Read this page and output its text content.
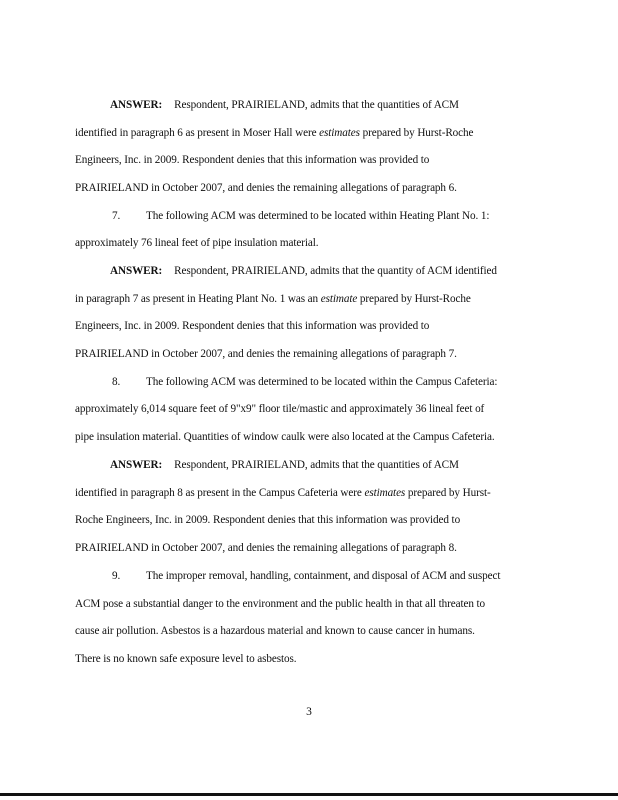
ANSWER: Respondent, PRAIRIELAND, admits that the quantities of ACM
identified in paragraph 6 as present in Moser Hall were estimates prepared by Hurst-Roche
Engineers, Inc. in 2009. Respondent denies that this information was provided to
PRAIRIELAND in October 2007, and denies the remaining allegations of paragraph 6.
7. The following ACM was determined to be located within Heating Plant No. 1:
approximately 76 lineal feet of pipe insulation material.
ANSWER: Respondent, PRAIRIELAND, admits that the quantity of ACM identified
in paragraph 7 as present in Heating Plant No. 1 was an estimate prepared by Hurst-Roche
Engineers, Inc. in 2009. Respondent denies that this information was provided to
PRAIRIELAND in October 2007, and denies the remaining allegations of paragraph 7.
8. The following ACM was determined to be located within the Campus Cafeteria:
approximately 6,014 square feet of 9"x9" floor tile/mastic and approximately 36 lineal feet of
pipe insulation material. Quantities of window caulk were also located at the Campus Cafeteria.
ANSWER: Respondent, PRAIRIELAND, admits that the quantities of ACM
identified in paragraph 8 as present in the Campus Cafeteria were estimates prepared by Hurst-
Roche Engineers, Inc. in 2009. Respondent denies that this information was provided to
PRAIRIELAND in October 2007, and denies the remaining allegations of paragraph 8.
9. The improper removal, handling, containment, and disposal of ACM and suspect
ACM pose a substantial danger to the environment and the public health in that all threaten to
cause air pollution. Asbestos is a hazardous material and known to cause cancer in humans.
There is no known safe exposure level to asbestos.
3
